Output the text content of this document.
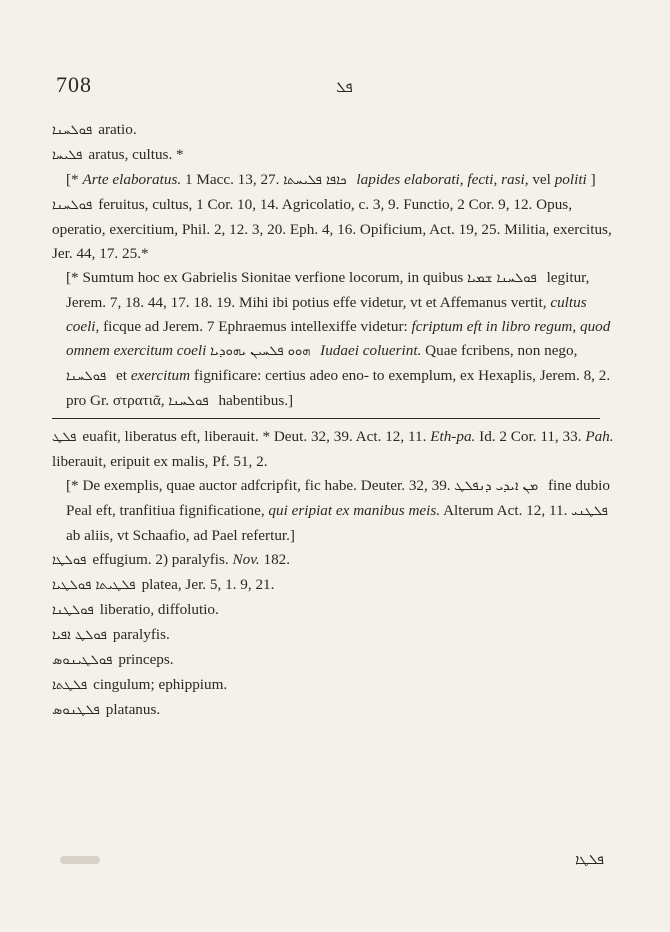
708	ܦܠ

ܦܘܠܚܢܐ aratio.

ܦܠܝܚܐ aratus, cultus. *

[* Arte elaboratus. 1 Macc. 13, 27. ܟܐܦܐ ܦܠܝܚܬܐ lapides elaborati, fecti, rasi, vel politi ]

ܦܘܠܚܢܐ feruitus, cultus, 1 Cor. 10, 14. Agricolatio, c. 3, 9. Functio, 2 Cor. 9, 12. Opus, operatio, exercitium, Phil. 2, 12. 3, 20. Eph. 4, 16. Opificium, Act. 19, 25. Militia, exercitus, Jer. 44, 17. 25.*

[* Sumtum hoc ex Gabrielis Sionitae verfione locorum, in quibus ܦܘܠܚܢܐ ܫܡܝܐ legitur, Jerem. 7, 18. 44, 17. 18. 19. Mihi ibi potius effe videtur, vt et Affemanus vertit, cultus coeli, ficque ad Jerem. 7 Ephraemus intellexiffe videtur: fcriptum eft in libro regum, quod omnem exercitum coeli ܗܘܘ ܦܠܚܝܢ ܝܗܘܕܝܐ Iudaei coluerint. Quae fcribens, non nego, ܦܘܠܚܢܐ et exercitum fignificare: certius adeo eno- to exemplum, ex Hexaplis, Jerem. 8, 2. pro Gr. στρατιᾶ, ܦܘܠܚܢܐ habentibus.]

ܦܠܛ euafit, liberatus eft, liberauit. * Deut. 32, 39. Act. 12, 11. Eth-pa. Id. 2 Cor. 11, 33. Pah. liberauit, eripuit ex malis, Pf. 51, 2.

[* De exemplis, quae auctor adfcripfit, fic habe. Deuter. 32, 39. ܡܢ ܐܝܕܝ ܕܢܦܠܛ fine dubio Peal eft, tranfitiua fignificatione, qui eripiat ex manibus meis. Alterum Act. 12, 11. ܦܠܛܢܝ ab aliis, vt Schaafio, ad Pael refertur.]

ܦܘܠܛܐ effugium. 2) paralyfis. Nov. 182.

ܦܠܛܝܬܐ ܦܘܠܛܝܐ platea, Jer. 5, 1. 9, 21.

ܦܘܠܛܢܐ liberatio, diffolutio.

ܦܘܠܛ ܐܦܝܐ paralyfis.

ܦܘܠܛܝܢܘܣ princeps.

ܦܠܛܬܐ cingulum; ephippium.

ܦܠܛܢܘܣ platanus.

ܦܠܛܐ
